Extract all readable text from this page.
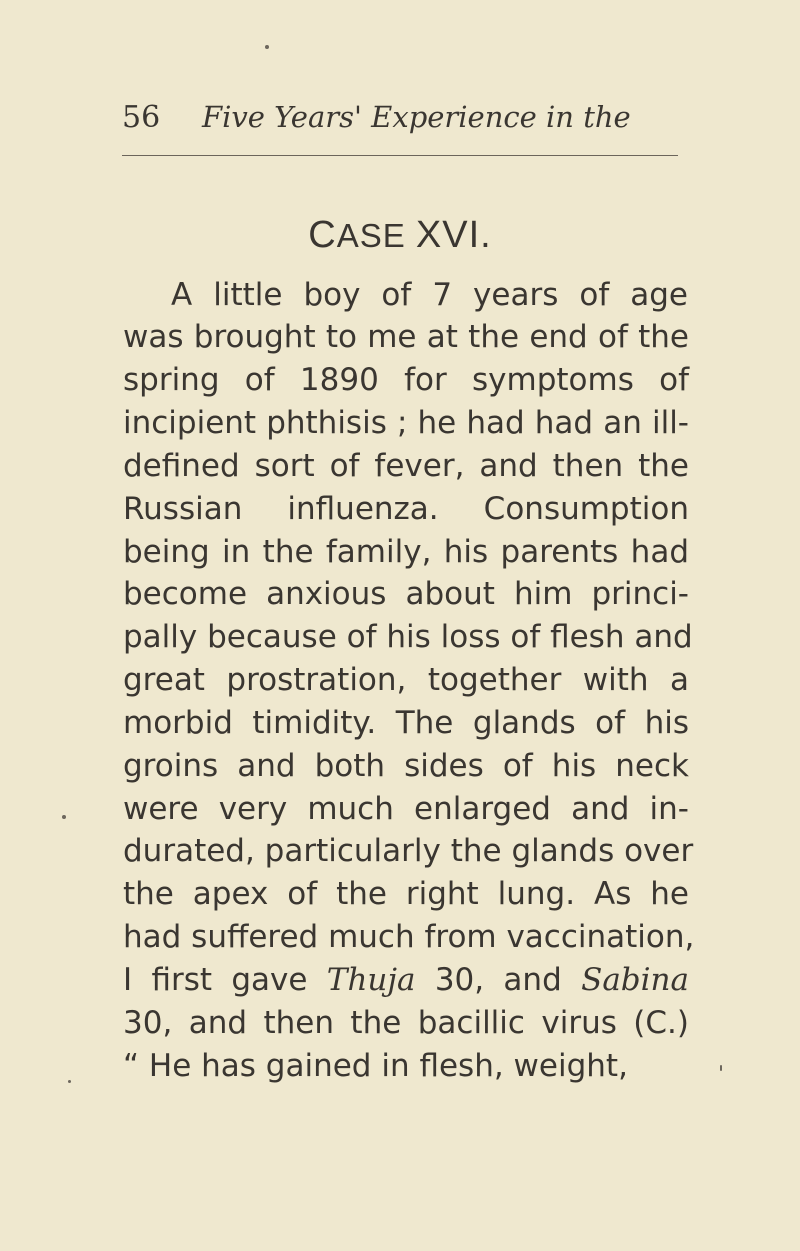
56 Five Years' Experience in the
CASE XVI.
A little boy of 7 years of age
was brought to me at the end of the
spring of 1890 for symptoms of
incipient phthisis ; he had had an ill-
defined sort of fever, and then the
Russian influenza. Consumption
being in the family, his parents had
become anxious about him princi-
pally because of his loss of flesh and
great prostration, together with a
morbid timidity. The glands of his
groins and both sides of his neck
were very much enlarged and in-
durated, particularly the glands over
the apex of the right lung. As he
had suffered much from vaccination,
I first gave Thuja 30, and Sabina
30, and then the bacillic virus (C.)
“ He has gained in flesh, weight,
